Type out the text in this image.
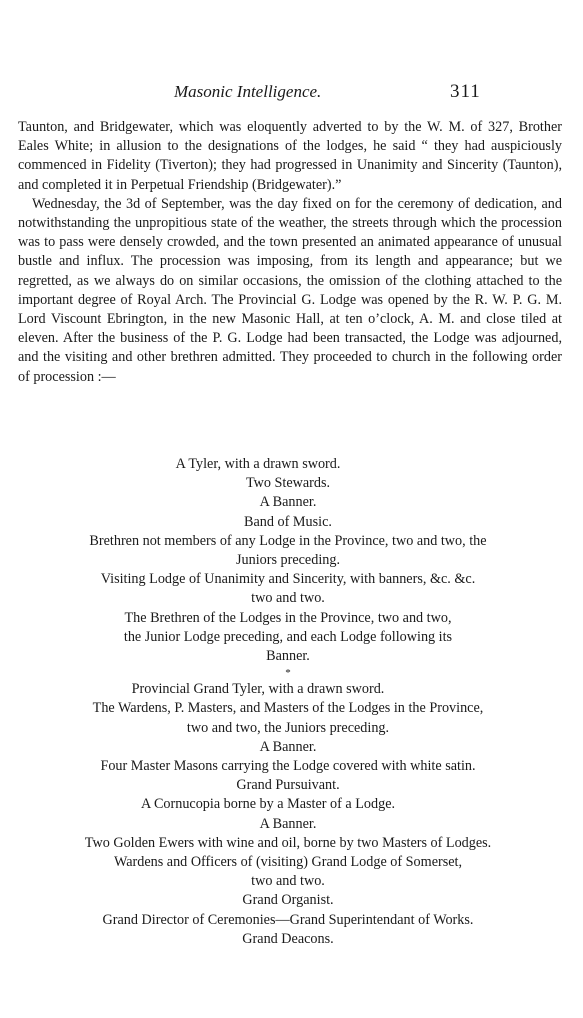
Masonic Intelligence.	311

Taunton, and Bridgewater, which was eloquently adverted to by the W. M. of 327, Brother Eales White; in allusion to the designations of the lodges, he said “ they had auspiciously commenced in Fidelity (Tiverton); they had progressed in Unanimity and Sincerity (Taunton), and completed it in Perpetual Friendship (Bridgewater).”

Wednesday, the 3d of September, was the day fixed on for the ceremony of dedication, and notwithstanding the unpropitious state of the weather, the streets through which the procession was to pass were densely crowded, and the town presented an animated appearance of unusual bustle and influx. The procession was imposing, from its length and appearance; but we regretted, as we always do on similar occasions, the omission of the clothing attached to the important degree of Royal Arch. The Provincial G. Lodge was opened by the R. W. P. G. M. Lord Viscount Ebrington, in the new Masonic Hall, at ten o’clock, A. M. and close tiled at eleven. After the business of the P. G. Lodge had been transacted, the Lodge was adjourned, and the visiting and other brethren admitted. They proceeded to church in the following order of procession :—

A Tyler, with a drawn sword.
Two Stewards.
A Banner.
Band of Music.
Brethren not members of any Lodge in the Province, two and two, the
Juniors preceding.
Visiting Lodge of Unanimity and Sincerity, with banners, &c. &c.
two and two.
The Brethren of the Lodges in the Province, two and two,
the Junior Lodge preceding, and each Lodge following its
Banner.
*
Provincial Grand Tyler, with a drawn sword.
The Wardens, P. Masters, and Masters of the Lodges in the Province,
two and two, the Juniors preceding.
A Banner.
Four Master Masons carrying the Lodge covered with white satin.
Grand Pursuivant.
A Cornucopia borne by a Master of a Lodge.
A Banner.
Two Golden Ewers with wine and oil, borne by two Masters of Lodges.
Wardens and Officers of (visiting) Grand Lodge of Somerset,
two and two.
Grand Organist.
Grand Director of Ceremonies—Grand Superintendant of Works.
Grand Deacons.
